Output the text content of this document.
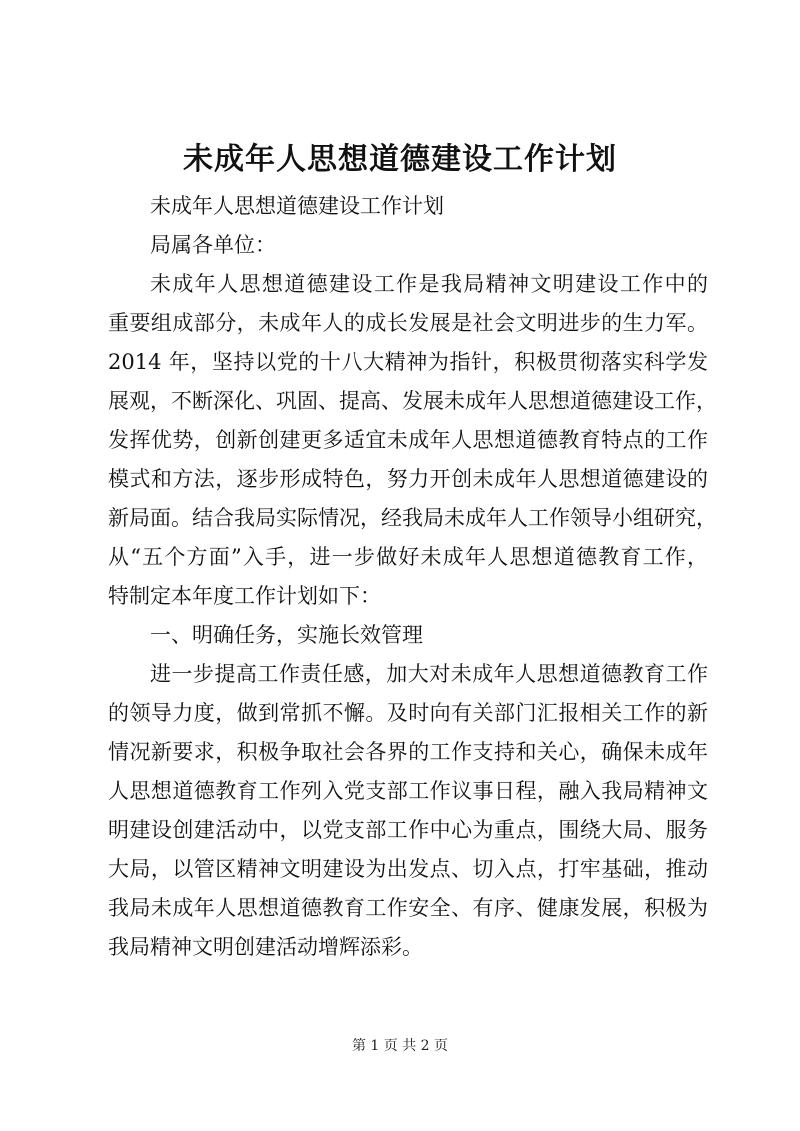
未成年人思想道德建设工作计划
未成年人思想道德建设工作计划
局属各单位：
未成年人思想道德建设工作是我局精神文明建设工作中的
重要组成部分，未成年人的成长发展是社会文明进步的生力军。
2014 年，坚持以党的十八大精神为指针，积极贯彻落实科学发
展观，不断深化、巩固、提高、发展未成年人思想道德建设工作，
发挥优势，创新创建更多适宜未成年人思想道德教育特点的工作
模式和方法，逐步形成特色，努力开创未成年人思想道德建设的
新局面。结合我局实际情况，经我局未成年人工作领导小组研究，
从“五个方面”入手，进一步做好未成年人思想道德教育工作，
特制定本年度工作计划如下：
一、明确任务，实施长效管理
进一步提高工作责任感，加大对未成年人思想道德教育工作
的领导力度，做到常抓不懈。及时向有关部门汇报相关工作的新
情况新要求，积极争取社会各界的工作支持和关心，确保未成年
人思想道德教育工作列入党支部工作议事日程，融入我局精神文
明建设创建活动中，以党支部工作中心为重点，围绕大局、服务
大局，以管区精神文明建设为出发点、切入点，打牢基础，推动
我局未成年人思想道德教育工作安全、有序、健康发展，积极为
我局精神文明创建活动增辉添彩。
第 1 页 共 2 页
